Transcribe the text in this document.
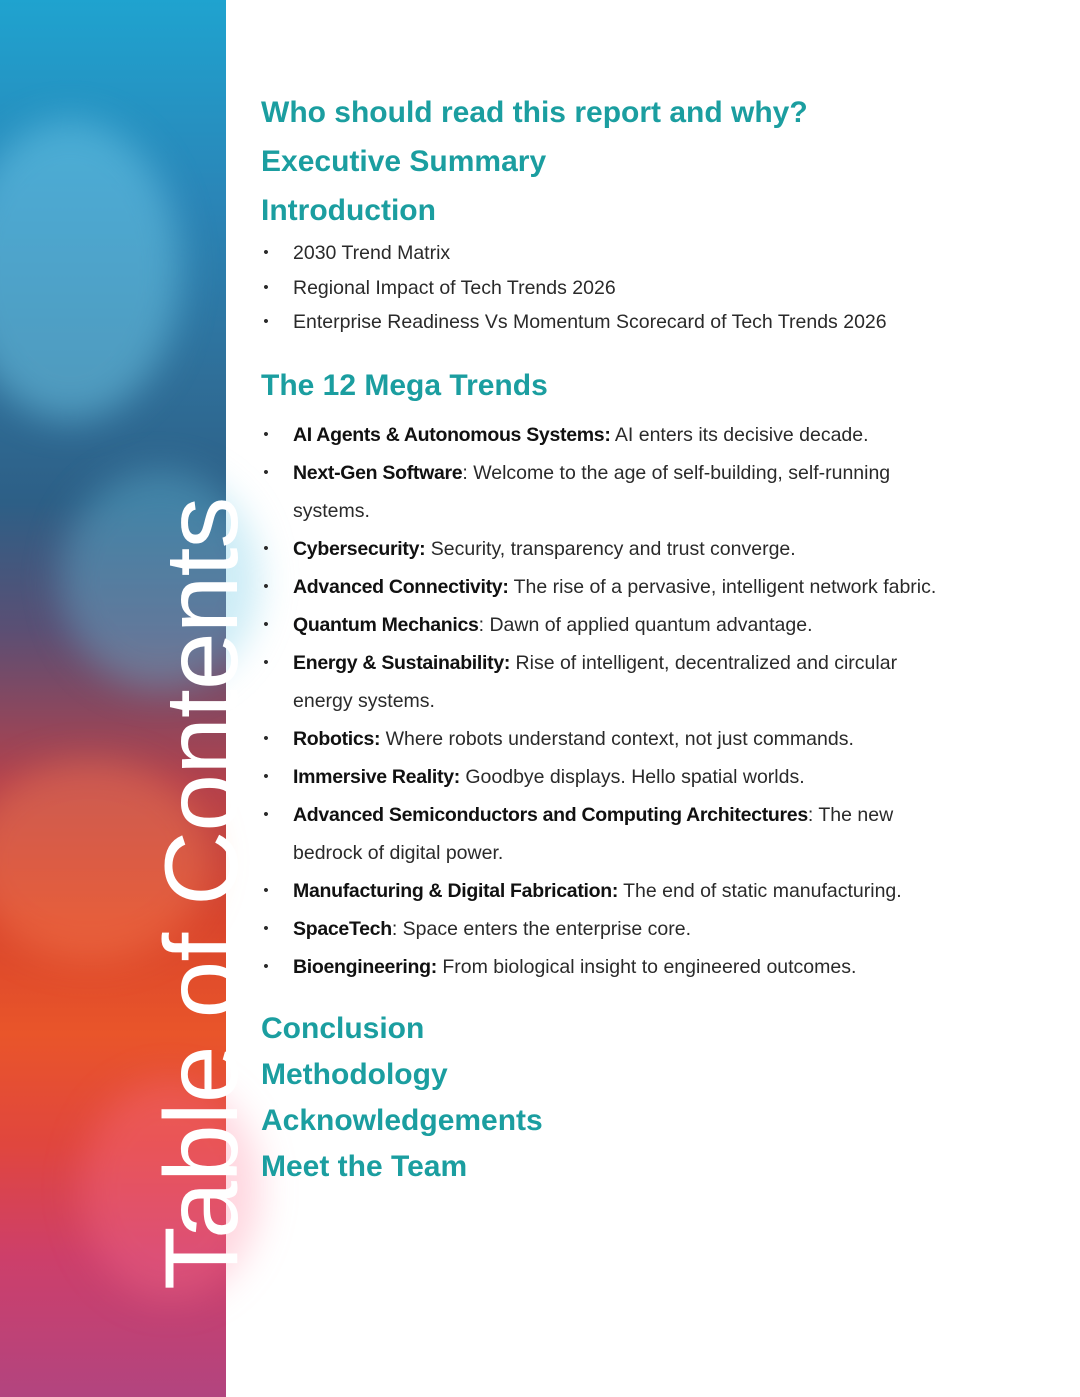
Table of Contents
Who should read this report and why?
Executive Summary
Introduction
• 2030 Trend Matrix
• Regional Impact of Tech Trends 2026
• Enterprise Readiness Vs Momentum Scorecard of Tech Trends 2026
The 12 Mega Trends
• AI Agents & Autonomous Systems: AI enters its decisive decade.
• Next-Gen Software: Welcome to the age of self-building, self-running systems.
• Cybersecurity: Security, transparency and trust converge.
• Advanced Connectivity: The rise of a pervasive, intelligent network fabric.
• Quantum Mechanics: Dawn of applied quantum advantage.
• Energy & Sustainability: Rise of intelligent, decentralized and circular energy systems.
• Robotics: Where robots understand context, not just commands.
• Immersive Reality: Goodbye displays. Hello spatial worlds.
• Advanced Semiconductors and Computing Architectures: The new bedrock of digital power.
• Manufacturing & Digital Fabrication: The end of static manufacturing.
• SpaceTech: Space enters the enterprise core.
• Bioengineering: From biological insight to engineered outcomes.
Conclusion
Methodology
Acknowledgements
Meet the Team
